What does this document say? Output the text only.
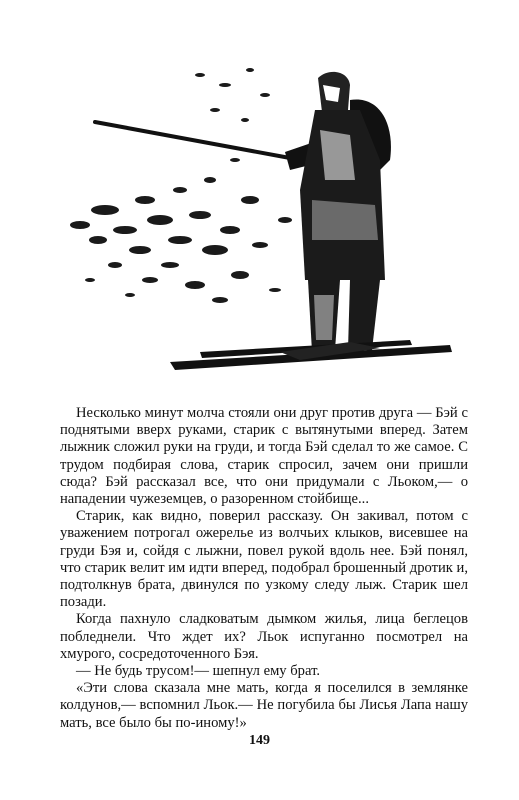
Несколько минут молча стояли они друг против друга — Бэй с поднятыми вверх руками, старик с вытянутыми вперед. Затем лыжник сложил руки на груди, и тогда Бэй сделал то же самое. С трудом подбирая слова, старик спросил, зачем они пришли сюда? Бэй рассказал все, что они придумали с Льоком,— о нападении чужеземцев, о разоренном стойбище...

Старик, как видно, поверил рассказу. Он закивал, потом с уважением потрогал ожерелье из волчьих клыков, висевшее на груди Бэя и, сойдя с лыжни, повел рукой вдоль нее. Бэй понял, что старик велит им идти вперед, подобрал брошенный дротик и, подтолкнув брата, двинулся по узкому следу лыж. Старик шел позади.

Когда пахнуло сладковатым дымком жилья, лица беглецов побледнели. Что ждет их? Льок испуганно посмотрел на хмурого, сосредоточенного Бэя.

— Не будь трусом!— шепнул ему брат.

«Эти слова сказала мне мать, когда я поселился в землянке колдунов,— вспомнил Льок.— Не погубила бы Лисья Лапа нашу мать, все было бы по-иному!»

149
